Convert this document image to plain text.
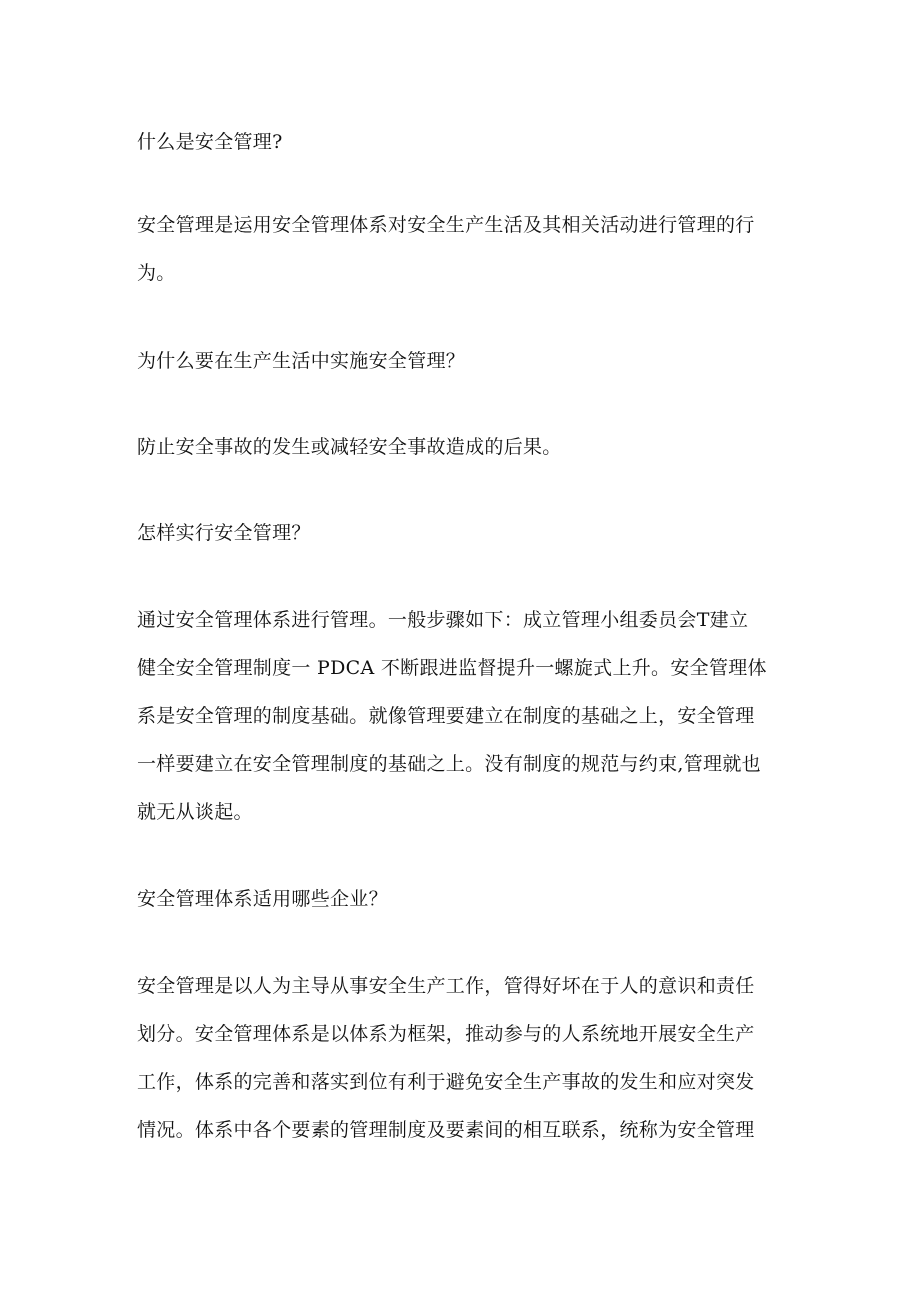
什么是安全管理?

安全管理是运用安全管理体系对安全生产生活及其相关活动进行管理的行
为。

为什么要在生产生活中实施安全管理？

防止安全事故的发生或减轻安全事故造成的后果。

怎样实行安全管理？

通过安全管理体系进行管理。一般步骤如下：成立管理小组委员会T建立
健全安全管理制度一 PDCA 不断跟进监督提升一螺旋式上升。安全管理体
系是安全管理的制度基础。就像管理要建立在制度的基础之上，安全管理
一样要建立在安全管理制度的基础之上。没有制度的规范与约束,管理就也
就无从谈起。

安全管理体系适用哪些企业？

安全管理是以人为主导从事安全生产工作，管得好坏在于人的意识和责任
划分。安全管理体系是以体系为框架，推动参与的人系统地开展安全生产
工作，体系的完善和落实到位有利于避免安全生产事故的发生和应对突发
情况。体系中各个要素的管理制度及要素间的相互联系，统称为安全管理
